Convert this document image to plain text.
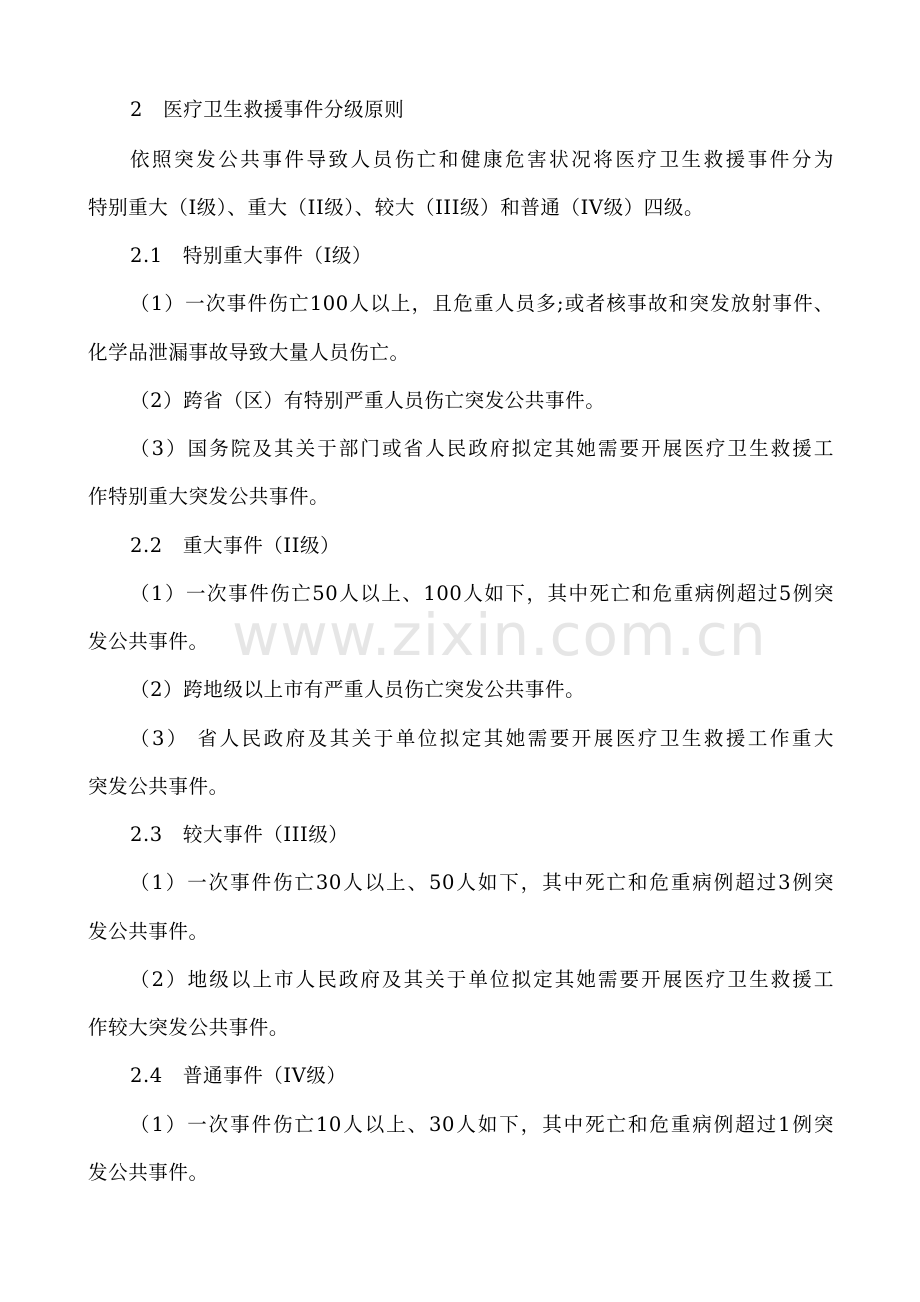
www.zixin.com.cn
2　医疗卫生救援事件分级原则
依照突发公共事件导致人员伤亡和健康危害状况将医疗卫生救援事件分为
特别重大（I级）、重大（II级）、较大（III级）和普通（IV级）四级。
2.1　特别重大事件（I级）
（1）一次事件伤亡100人以上，且危重人员多;或者核事故和突发放射事件、
化学品泄漏事故导致大量人员伤亡。
（2）跨省（区）有特别严重人员伤亡突发公共事件。
（3）国务院及其关于部门或省人民政府拟定其她需要开展医疗卫生救援工
作特别重大突发公共事件。
2.2　重大事件（II级）
（1）一次事件伤亡50人以上、100人如下，其中死亡和危重病例超过5例突
发公共事件。
（2）跨地级以上市有严重人员伤亡突发公共事件。
（3） 省人民政府及其关于单位拟定其她需要开展医疗卫生救援工作重大
突发公共事件。
2.3　较大事件（III级）
（1）一次事件伤亡30人以上、50人如下，其中死亡和危重病例超过3例突
发公共事件。
（2）地级以上市人民政府及其关于单位拟定其她需要开展医疗卫生救援工
作较大突发公共事件。
2.4　普通事件（IV级）
（1）一次事件伤亡10人以上、30人如下，其中死亡和危重病例超过1例突
发公共事件。
